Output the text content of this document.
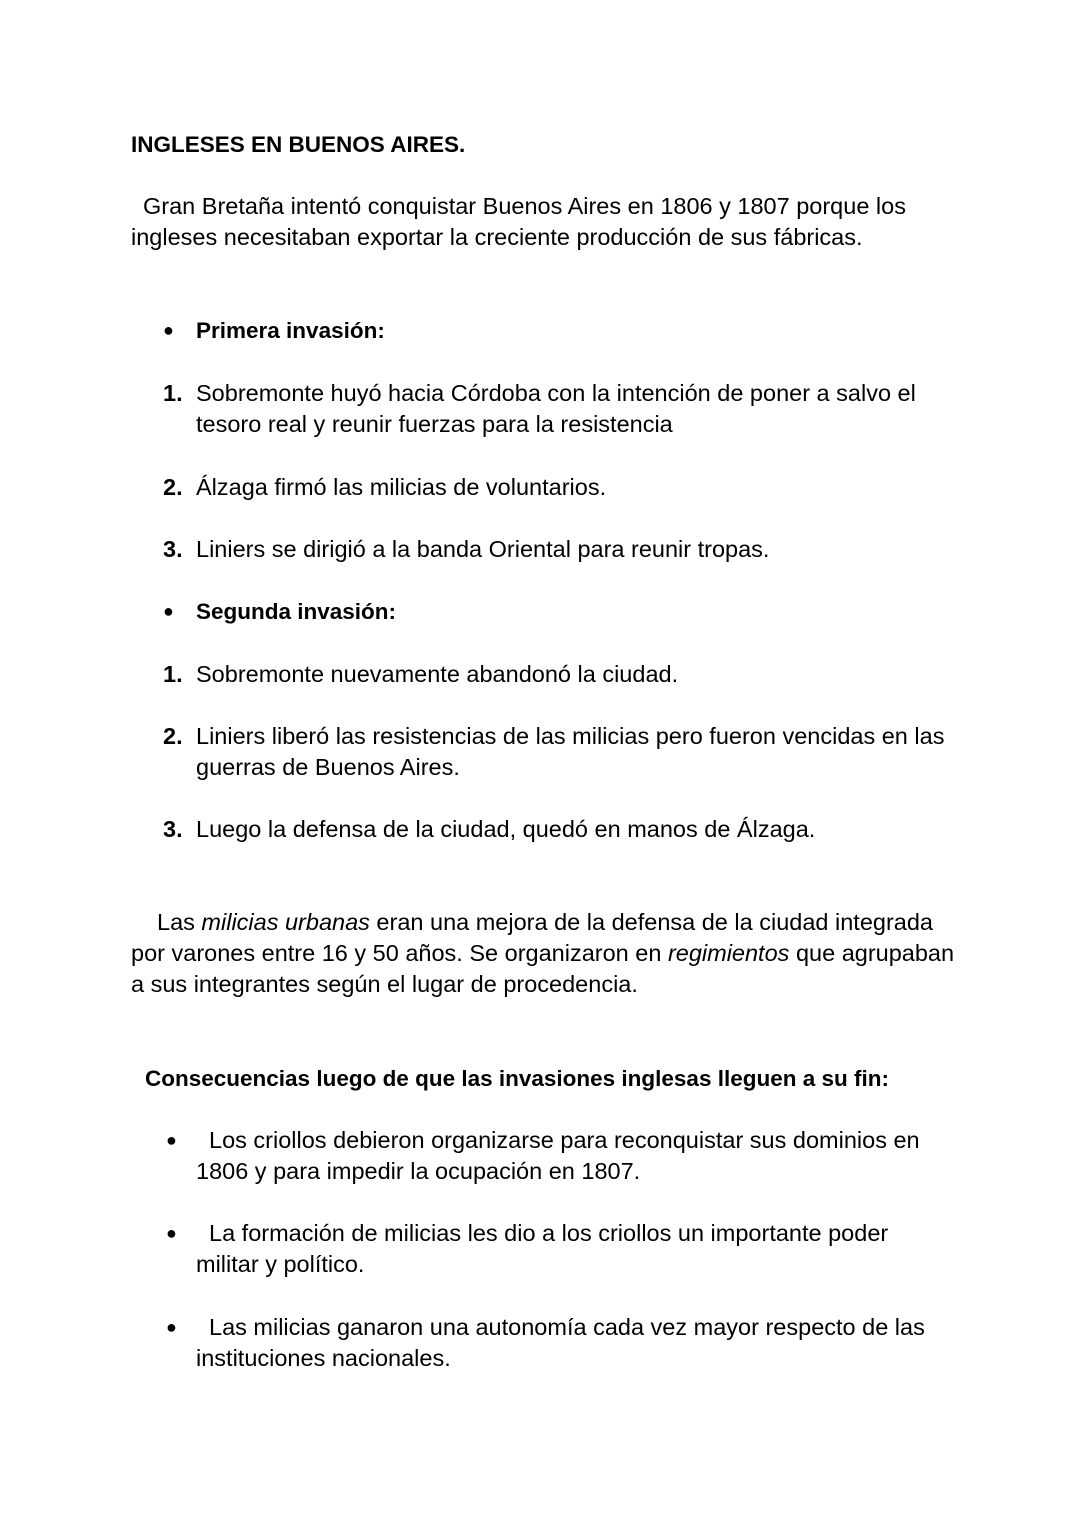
INGLESES EN BUENOS AIRES.

Gran Bretaña intentó conquistar Buenos Aires en 1806 y 1807 porque los ingleses necesitaban exportar la creciente producción de sus fábricas.

● Primera invasión:
1. Sobremonte huyó hacia Córdoba con la intención de poner a salvo el tesoro real y reunir fuerzas para la resistencia
2. Álzaga firmó las milicias de voluntarios.
3. Liniers se dirigió a la banda Oriental para reunir tropas.
● Segunda invasión:
1. Sobremonte nuevamente abandonó la ciudad.
2. Liniers liberó las resistencias de las milicias pero fueron vencidas en las guerras de Buenos Aires.
3. Luego la defensa de la ciudad, quedó en manos de Álzaga.

Las milicias urbanas eran una mejora de la defensa de la ciudad integrada por varones entre 16 y 50 años. Se organizaron en regimientos que agrupaban a sus integrantes según el lugar de procedencia.

Consecuencias luego de que las invasiones inglesas lleguen a su fin:

●	Los criollos debieron organizarse para reconquistar sus dominios en 1806 y para impedir la ocupación en 1807.
●	La formación de milicias les dio a los criollos un importante poder militar y político.
●	Las milicias ganaron una autonomía cada vez mayor respecto de las instituciones nacionales.
